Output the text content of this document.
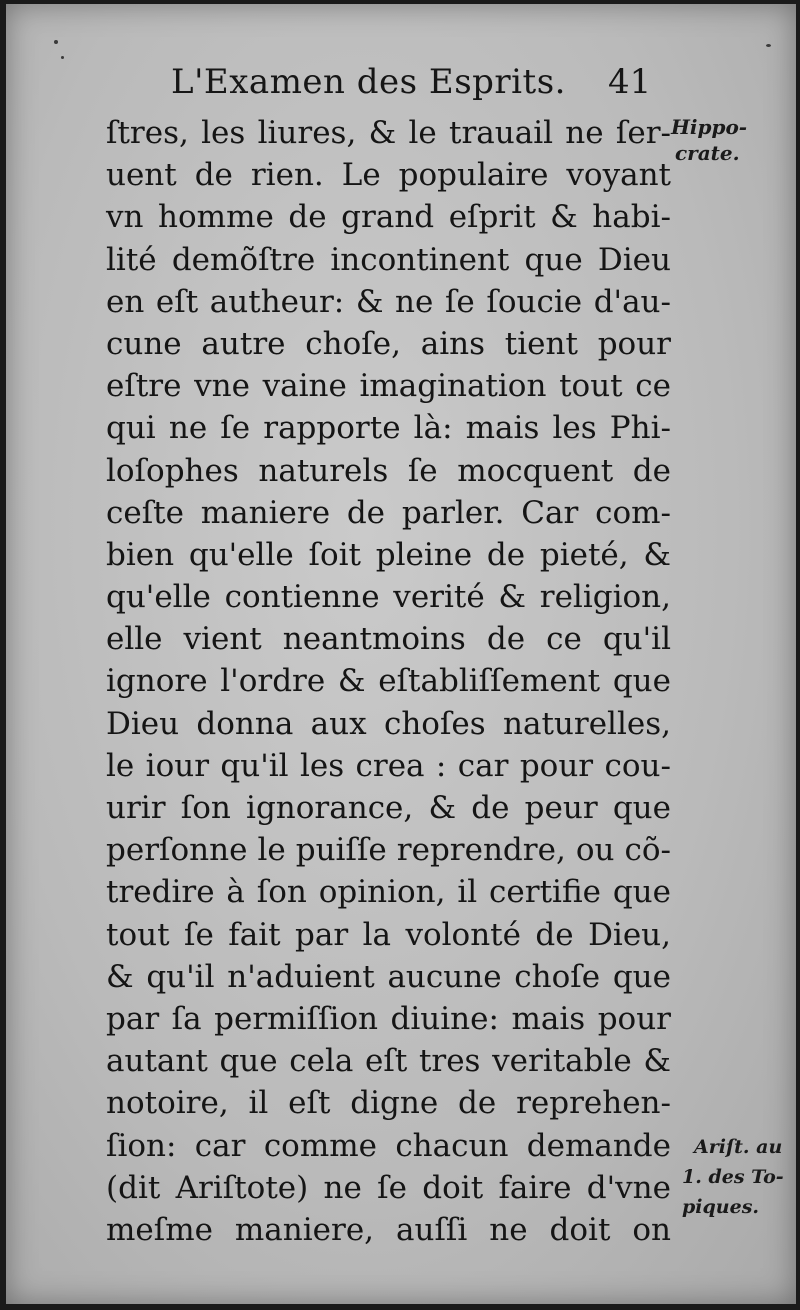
L'Examen des Esprits. 41
ſtres, les liures, & le trauail ne ſer-
uent de rien. Le populaire voyant
vn homme de grand eſprit & habi-
lité demõſtre incontinent que Dieu
en eſt autheur: & ne ſe ſoucie d'au-
cune autre choſe, ains tient pour
eſtre vne vaine imagination tout ce
qui ne ſe rapporte là: mais les Phi-
loſophes naturels ſe mocquent de
ceſte maniere de parler. Car com-
bien qu'elle ſoit pleine de pieté, &
qu'elle contienne verité & religion,
elle vient neantmoins de ce qu'il
ignore l'ordre & eſtabliſſement que
Dieu donna aux choſes naturelles,
le iour qu'il les crea : car pour cou-
urir ſon ignorance, & de peur que
perſonne le puiſſe reprendre, ou cõ-
tredire à ſon opinion, il certifie que
tout ſe fait par la volonté de Dieu,
& qu'il n'aduient aucune choſe que
par ſa permiſſion diuine: mais pour
autant que cela eſt tres veritable &
notoire, il eſt digne de reprehen-
ſion: car comme chacun demande
(dit Ariſtote) ne ſe doit faire d'vne
meſme maniere, auſſi ne doit on
Hippo-
crate.
Ariſt. au
1. des To-
piques.
